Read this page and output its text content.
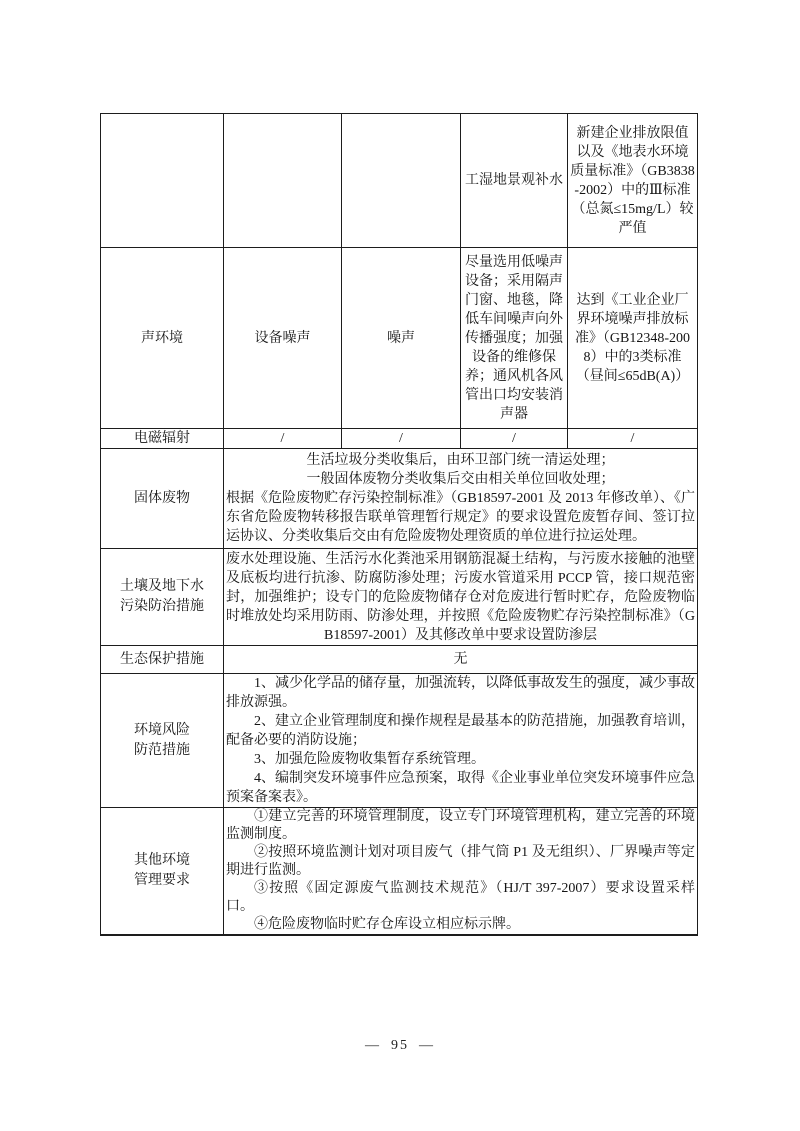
			工湿地景观补水	新建企业排放限值以及《地表水环境质量标准》（GB3838-2002）中的Ⅲ标准（总氮≤15mg/L）较严值
声环境	设备噪声	噪声	尽量选用低噪声设备；采用隔声门窗、地毯，降低车间噪声向外传播强度；加强设备的维修保养；通风机各风管出口均安装消声器	达到《工业企业厂界环境噪声排放标准》（GB12348-2008）中的3类标准（昼间≤65dB(A)）
电磁辐射	/	/	/	/
固体废物	生活垃圾分类收集后，由环卫部门统一清运处理；

一般固体废物分类收集后交由相关单位回收处理；

根据《危险废物贮存污染控制标准》（GB18597-2001 及 2013 年修改单）、《广东省危险废物转移报告联单管理暂行规定》的要求设置危废暂存间、签订拉运协议、分类收集后交由有危险废物处理资质的单位进行拉运处理。			

土壤及地下水污染防治措施	废水处理设施、生活污水化粪池采用钢筋混凝土结构，与污废水接触的池壁及底板均进行抗渗、防腐防渗处理；污废水管道采用 PCCP 管，接口规范密封，加强维护；设专门的危险废物储存仓对危废进行暂时贮存，危险废物临时堆放处均采用防雨、防渗处理，并按照《危险废物贮存污染控制标准》（GB18597-2001）及其修改单中要求设置防渗层			

生态保护措施	无			
环境风险防范措施	1、减少化学品的储存量，加强流转，以降低事故发生的强度，减少事故排放源强。

2、建立企业管理制度和操作规程是最基本的防范措施，加强教育培训，配备必要的消防设施；

3、加强危险废物收集暂存系统管理。

4、编制突发环境事件应急预案，取得《企业事业单位突发环境事件应急预案备案表》。			

其他环境管理要求	①建立完善的环境管理制度，设立专门环境管理机构，建立完善的环境监测制度。

②按照环境监测计划对项目废气（排气筒 P1 及无组织）、厂界噪声等定期进行监测。

③按照《固定源废气监测技术规范》（HJ/T 397-2007）要求设置采样口。

④危险废物临时贮存仓库设立相应标示牌。			

— 95 —
